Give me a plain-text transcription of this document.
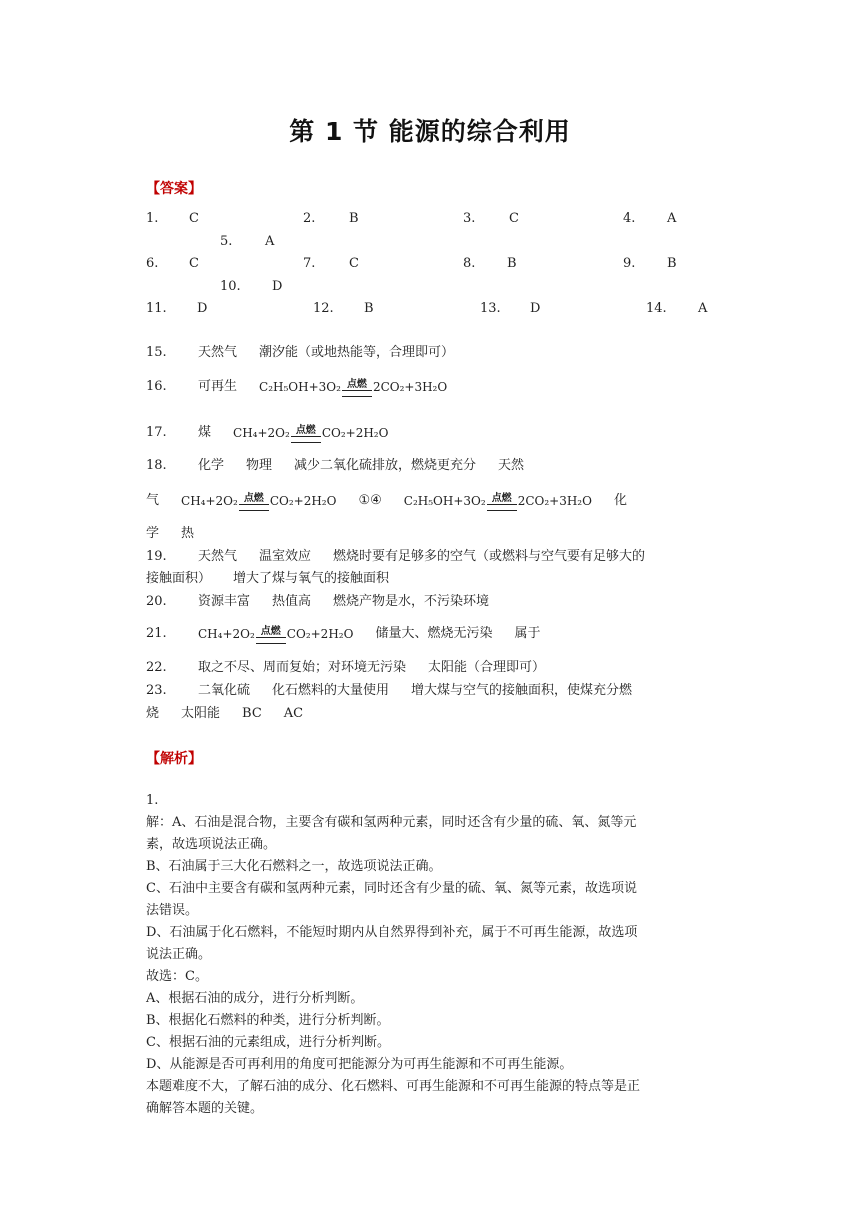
第 1 节 能源的综合利用
【答案】
1. C	2.	B	3.	C	4. A
5.	A
6. C	7.	C	8. B	9. B
10. D
11. D	12. B	13. D	14. A
15. 天然气 潮汐能（或地热能等，合理即可）
16. 可再生 C₂H₅OH+3O₂ 点燃 2CO₂+3H₂O
17. 煤 CH₄+2O₂ 点燃 CO₂+2H₂O
18. 化学 物理 减少二氧化硫排放，燃烧更充分 天然
气 CH₄+2O₂ 点燃 CO₂+2H₂O ①④ C₂H₅OH+3O₂ 点燃 2CO₂+3H₂O 化
学 热
19. 天然气 温室效应 燃烧时要有足够多的空气（或燃料与空气要有足够大的
接触面积） 增大了煤与氧气的接触面积
20. 资源丰富 热值高 燃烧产物是水，不污染环境
21.	CH₄+2O₂ 点燃 CO₂+2H₂O 储量大、燃烧无污染 属于
22. 取之不尽、周而复始；对环境无污染 太阳能（合理即可）
23. 二氧化硫 化石燃料的大量使用 增大煤与空气的接触面积，使煤充分燃
烧 太阳能 BC AC
【解析】
1.
解：A、石油是混合物，主要含有碳和氢两种元素，同时还含有少量的硫、氧、氮等元
素，故选项说法正确。
B、石油属于三大化石燃料之一，故选项说法正确。
C、石油中主要含有碳和氢两种元素，同时还含有少量的硫、氧、氮等元素，故选项说
法错误。
D、石油属于化石燃料，不能短时期内从自然界得到补充，属于不可再生能源，故选项
说法正确。
故选：C。
A、根据石油的成分，进行分析判断。
B、根据化石燃料的种类，进行分析判断。
C、根据石油的元素组成，进行分析判断。
D、从能源是否可再利用的角度可把能源分为可再生能源和不可再生能源。
本题难度不大，了解石油的成分、化石燃料、可再生能源和不可再生能源的特点等是正
确解答本题的关键。
